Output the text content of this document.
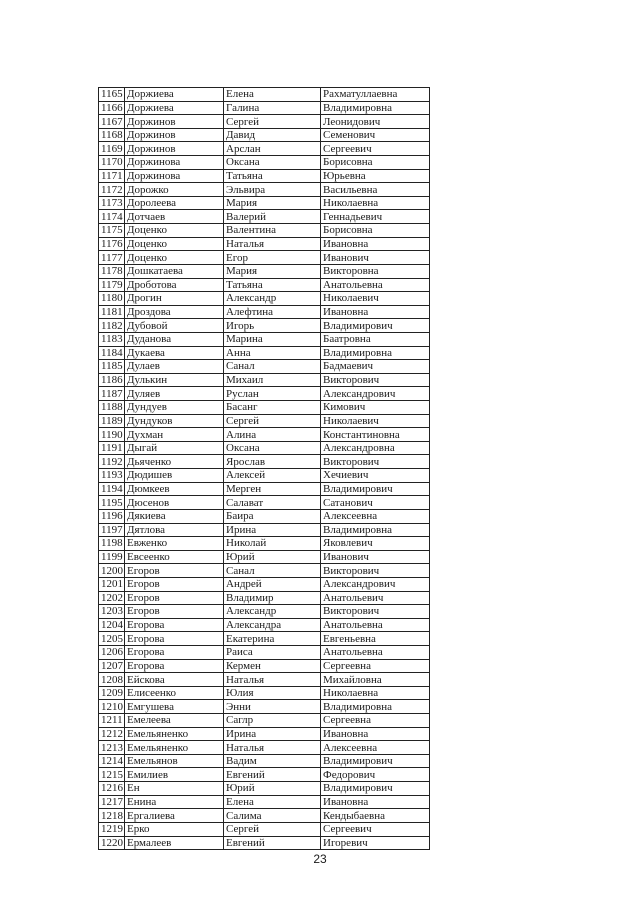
1165	Доржиева	Елена	Рахматуллаевна
1166	Доржиева	Галина	Владимировна
1167	Доржинов	Сергей	Леонидович
1168	Доржинов	Давид	Семенович
1169	Доржинов	Арслан	Сергеевич
1170	Доржинова	Оксана	Борисовна
1171	Доржинова	Татьяна	Юрьевна
1172	Дорожко	Эльвира	Васильевна
1173	Доролеева	Мария	Николаевна
1174	Дотчаев	Валерий	Геннадьевич
1175	Доценко	Валентина	Борисовна
1176	Доценко	Наталья	Ивановна
1177	Доценко	Егор	Иванович
1178	Дошкатаева	Мария	Викторовна
1179	Дроботова	Татьяна	Анатольевна
1180	Дрогин	Александр	Николаевич
1181	Дроздова	Алефтина	Ивановна
1182	Дубовой	Игорь	Владимирович
1183	Дуданова	Марина	Баатровна
1184	Дукаева	Анна	Владимировна
1185	Дулаев	Санал	Бадмаевич
1186	Дулькин	Михаил	Викторович
1187	Дуляев	Руслан	Александрович
1188	Дундуев	Басанг	Кимович
1189	Дундуков	Сергей	Николаевич
1190	Духман	Алина	Константиновна
1191	Дыгай	Оксана	Александровна
1192	Дьяченко	Ярослав	Викторович
1193	Дюдишев	Алексей	Хечиевич
1194	Дюмкеев	Мерген	Владимирович
1195	Дюсенов	Салават	Сатанович
1196	Дякиева	Баира	Алексеевна
1197	Дятлова	Ирина	Владимировна
1198	Евженко	Николай	Яковлевич
1199	Евсеенко	Юрий	Иванович
1200	Егоров	Санал	Викторович
1201	Егоров	Андрей	Александрович
1202	Егоров	Владимир	Анатольевич
1203	Егоров	Александр	Викторович
1204	Егорова	Александра	Анатольевна
1205	Егорова	Екатерина	Евгеньевна
1206	Егорова	Раиса	Анатольевна
1207	Егорова	Кермен	Сергеевна
1208	Ейскова	Наталья	Михайловна
1209	Елисеенко	Юлия	Николаевна
1210	Емгушева	Энни	Владимировна
1211	Емелеева	Саглр	Сергеевна
1212	Емельяненко	Ирина	Ивановна
1213	Емельяненко	Наталья	Алексеевна
1214	Емельянов	Вадим	Владимирович
1215	Емилиев	Евгений	Федорович
1216	Ен	Юрий	Владимирович
1217	Енина	Елена	Ивановна
1218	Ергалиева	Салима	Кендыбаевна
1219	Ерко	Сергей	Сергеевич
1220	Ермалеев	Евгений	Игоревич
23
